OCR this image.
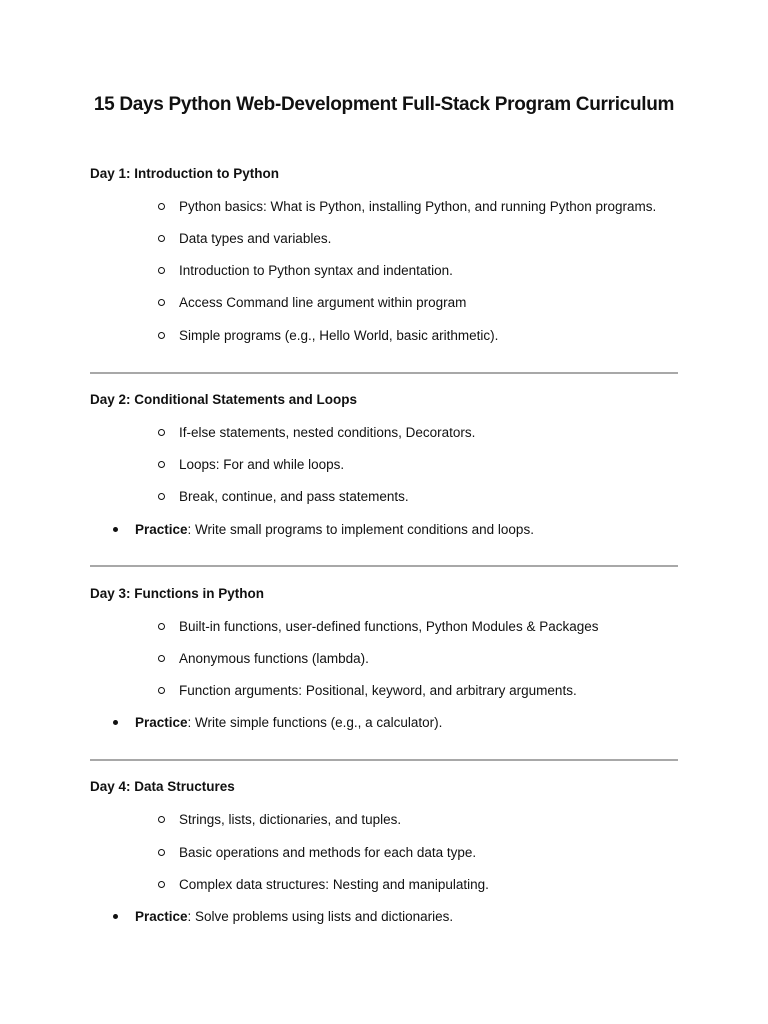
15 Days Python Web-Development Full-Stack Program Curriculum
Day 1: Introduction to Python
Python basics: What is Python, installing Python, and running Python programs.
Data types and variables.
Introduction to Python syntax and indentation.
Access Command line argument within program
Simple programs (e.g., Hello World, basic arithmetic).
Day 2: Conditional Statements and Loops
If-else statements, nested conditions, Decorators.
Loops: For and while loops.
Break, continue, and pass statements.
Practice: Write small programs to implement conditions and loops.
Day 3: Functions in Python
Built-in functions, user-defined functions, Python Modules & Packages
Anonymous functions (lambda).
Function arguments: Positional, keyword, and arbitrary arguments.
Practice: Write simple functions (e.g., a calculator).
Day 4: Data Structures
Strings, lists, dictionaries, and tuples.
Basic operations and methods for each data type.
Complex data structures: Nesting and manipulating.
Practice: Solve problems using lists and dictionaries.
